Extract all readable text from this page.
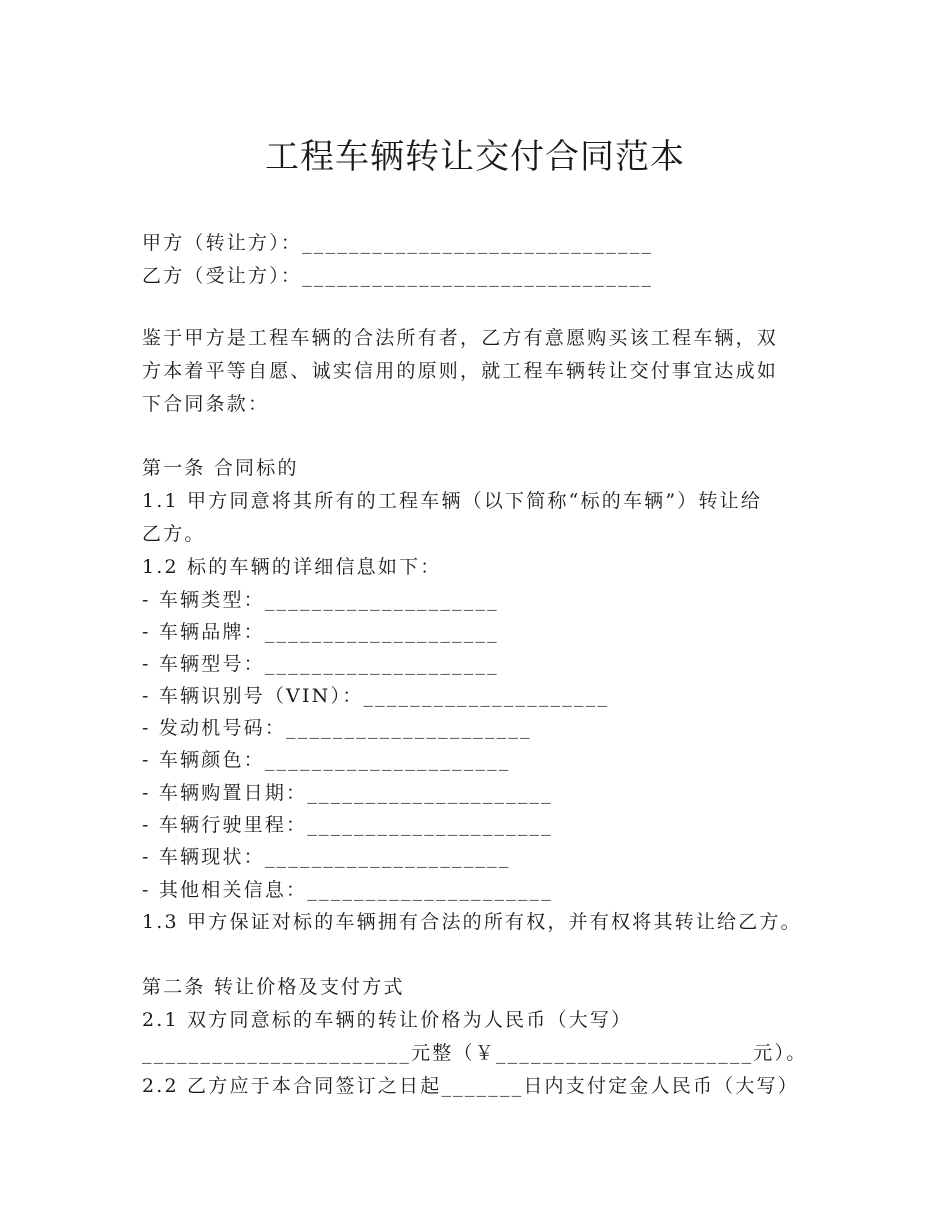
工程车辆转让交付合同范本
甲方（转让方）：______________________________
乙方（受让方）：______________________________
鉴于甲方是工程车辆的合法所有者，乙方有意愿购买该工程车辆，双
方本着平等自愿、诚实信用的原则，就工程车辆转让交付事宜达成如
下合同条款：
第一条 合同标的
1.1 甲方同意将其所有的工程车辆（以下简称“标的车辆”）转让给
乙方。
1.2 标的车辆的详细信息如下：
- 车辆类型：____________________
- 车辆品牌：____________________
- 车辆型号：____________________
- 车辆识别号（VIN）：_____________________
- 发动机号码：_____________________
- 车辆颜色：_____________________
- 车辆购置日期：_____________________
- 车辆行驶里程：_____________________
- 车辆现状：_____________________
- 其他相关信息：_____________________
1.3 甲方保证对标的车辆拥有合法的所有权，并有权将其转让给乙方。
第二条 转让价格及支付方式
2.1 双方同意标的车辆的转让价格为人民币（大写）
_______________________元整（￥______________________元）。
2.2 乙方应于本合同签订之日起_______日内支付定金人民币（大写）
